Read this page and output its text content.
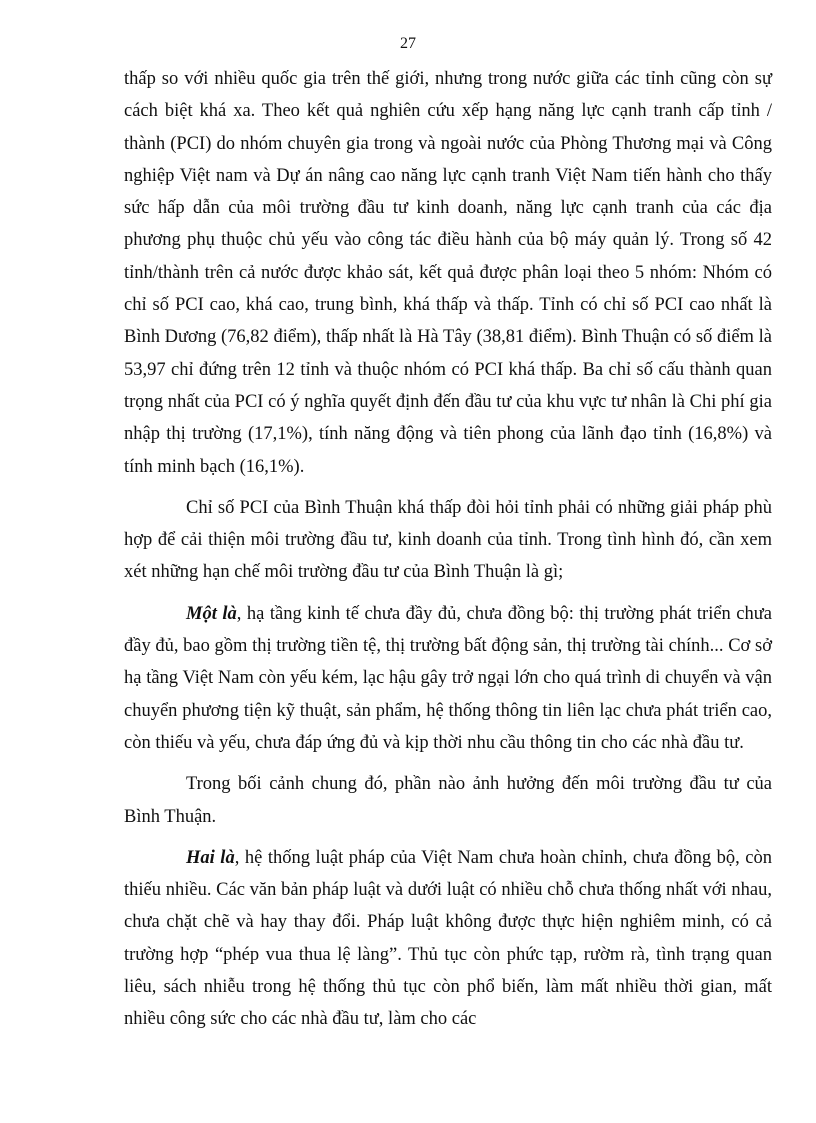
27

thấp so với nhiều quốc gia trên thế giới, nhưng trong nước giữa các tỉnh cũng còn sự cách biệt khá xa. Theo kết quả nghiên cứu xếp hạng năng lực cạnh tranh cấp tỉnh / thành (PCI) do nhóm chuyên gia trong và ngoài nước của Phòng Thương mại và Công nghiệp Việt nam và Dự án nâng cao năng lực cạnh tranh Việt Nam tiến hành cho thấy sức hấp dẫn của môi trường đầu tư kinh doanh, năng lực cạnh tranh của các địa phương phụ thuộc chủ yếu vào công tác điều hành của bộ máy quản lý. Trong số 42 tỉnh/thành trên cả nước được khảo sát, kết quả được phân loại theo 5 nhóm: Nhóm có chỉ số PCI cao, khá cao, trung bình, khá thấp và thấp. Tỉnh có chỉ số PCI cao nhất là Bình Dương (76,82 điểm), thấp nhất là Hà Tây (38,81 điểm). Bình Thuận có số điểm là 53,97 chỉ đứng trên 12 tỉnh và thuộc nhóm có PCI khá thấp. Ba chỉ số cấu thành quan trọng nhất của PCI có ý nghĩa quyết định đến đầu tư của khu vực tư nhân là Chi phí gia nhập thị trường (17,1%), tính năng động và tiên phong của lãnh đạo tỉnh (16,8%) và tính minh bạch (16,1%).

Chỉ số PCI của Bình Thuận khá thấp đòi hỏi tỉnh phải có những giải pháp phù hợp để cải thiện môi trường đầu tư, kinh doanh của tỉnh. Trong tình hình đó, cần xem xét những hạn chế môi trường đầu tư của Bình Thuận là gì;

Một là, hạ tầng kinh tế chưa đầy đủ, chưa đồng bộ: thị trường phát triển chưa đầy đủ, bao gồm thị trường tiền tệ, thị trường bất động sản, thị trường tài chính... Cơ sở hạ tầng Việt Nam còn yếu kém, lạc hậu gây trở ngại lớn cho quá trình di chuyển và vận chuyển phương tiện kỹ thuật, sản phẩm, hệ thống thông tin liên lạc chưa phát triển cao, còn thiếu và yếu, chưa đáp ứng đủ và kịp thời nhu cầu thông tin cho các nhà đầu tư.

Trong bối cảnh chung đó, phần nào ảnh hưởng đến môi trường đầu tư của Bình Thuận.

Hai là, hệ thống luật pháp của Việt Nam chưa hoàn chỉnh, chưa đồng bộ, còn thiếu nhiều. Các văn bản pháp luật và dưới luật có nhiều chỗ chưa thống nhất với nhau, chưa chặt chẽ và hay thay đổi. Pháp luật không được thực hiện nghiêm minh, có cả trường hợp “phép vua thua lệ làng”. Thủ tục còn phức tạp, rườm rà, tình trạng quan liêu, sách nhiễu trong hệ thống thủ tục còn phổ biến, làm mất nhiều thời gian, mất nhiều công sức cho các nhà đầu tư, làm cho các
